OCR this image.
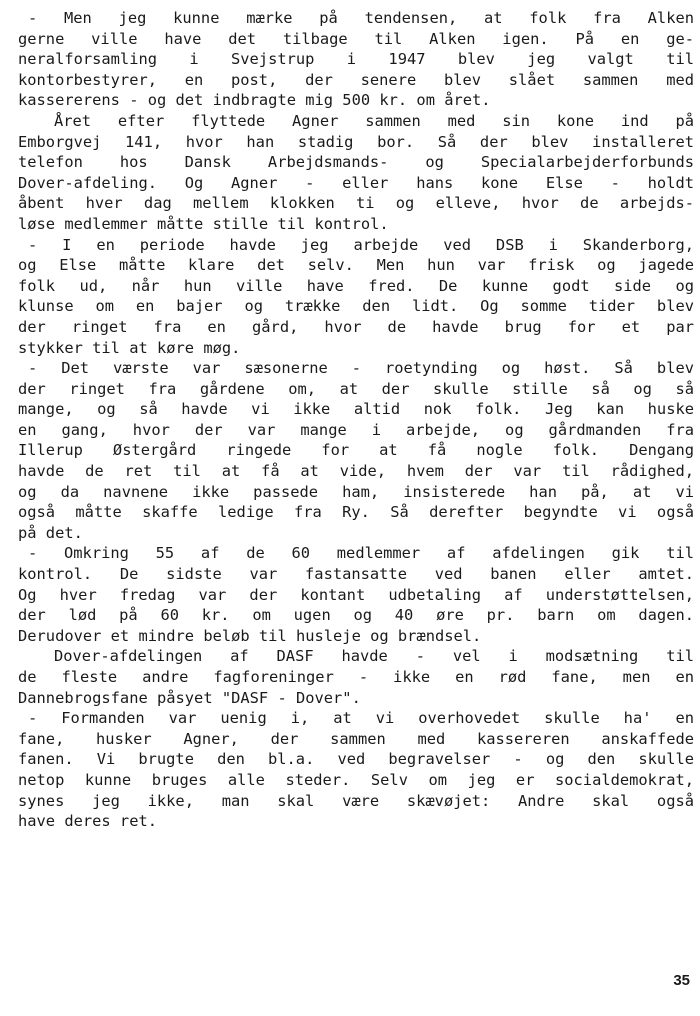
- Men jeg kunne mærke på tendensen, at folk fra Alken
gerne ville have det tilbage til Alken igen. På en ge-
neralforsamling i Svejstrup i 1947 blev jeg valgt til
kontorbestyrer, en post, der senere blev slået sammen med
kassererens - og det indbragte mig 500 kr. om året.
Året efter flyttede Agner sammen med sin kone ind på
Emborgvej 141, hvor han stadig bor. Så der blev installeret
telefon hos Dansk Arbejdsmands- og Specialarbejderforbunds
Dover-afdeling. Og Agner - eller hans kone Else - holdt
åbent hver dag mellem klokken ti og elleve, hvor de arbejds-
løse medlemmer måtte stille til kontrol.
- I en periode havde jeg arbejde ved DSB i Skanderborg,
og Else måtte klare det selv. Men hun var frisk og jagede
folk ud, når hun ville have fred. De kunne godt side og
klunse om en bajer og trække den lidt. Og somme tider blev
der ringet fra en gård, hvor de havde brug for et par
stykker til at køre møg.
- Det værste var sæsonerne - roetynding og høst. Så blev
der ringet fra gårdene om, at der skulle stille så og så
mange, og så havde vi ikke altid nok folk. Jeg kan huske
en gang, hvor der var mange i arbejde, og gårdmanden fra
Illerup Østergård ringede for at få nogle folk. Dengang
havde de ret til at få at vide, hvem der var til rådighed,
og da navnene ikke passede ham, insisterede han på, at vi
også måtte skaffe ledige fra Ry. Så derefter begyndte vi også
på det.
- Omkring 55 af de 60 medlemmer af afdelingen gik til
kontrol. De sidste var fastansatte ved banen eller amtet.
Og hver fredag var der kontant udbetaling af understøttelsen,
der lød på 60 kr. om ugen og 40 øre pr. barn om dagen.
Derudover et mindre beløb til husleje og brændsel.
Dover-afdelingen af DASF havde - vel i modsætning til
de fleste andre fagforeninger - ikke en rød fane, men en
Dannebrogsfane påsyet "DASF - Dover".
- Formanden var uenig i, at vi overhovedet skulle ha' en
fane, husker Agner, der sammen med kassereren anskaffede
fanen. Vi brugte den bl.a. ved begravelser - og den skulle
netop kunne bruges alle steder. Selv om jeg er socialdemokrat,
synes jeg ikke, man skal være skævøjet: Andre skal også
have deres ret.
35
